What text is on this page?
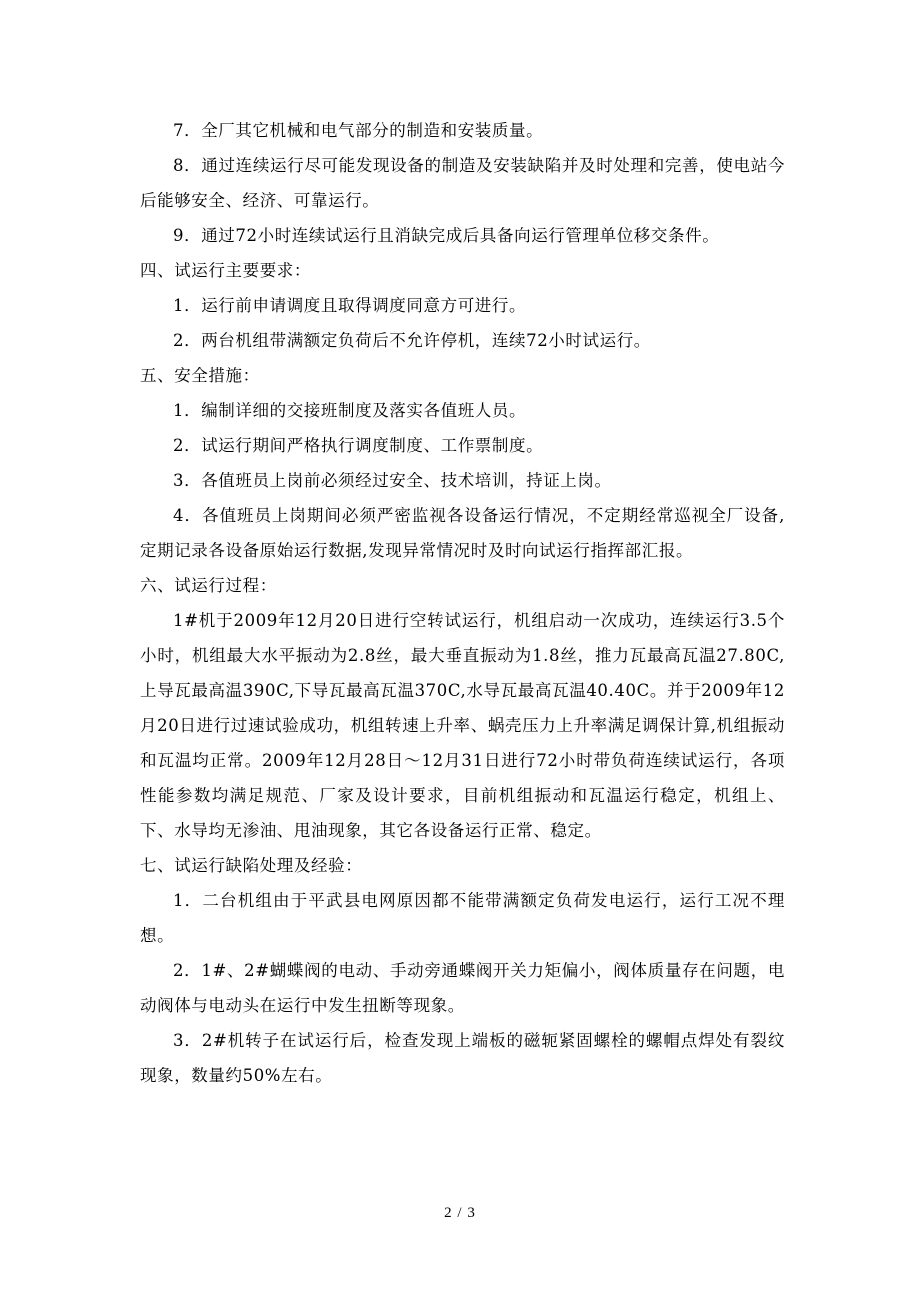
7．全厂其它机械和电气部分的制造和安装质量。

8．通过连续运行尽可能发现设备的制造及安装缺陷并及时处理和完善，使电站今后能够安全、经济、可靠运行。

9．通过72小时连续试运行且消缺完成后具备向运行管理单位移交条件。

四、试运行主要要求：

1．运行前申请调度且取得调度同意方可进行。

2．两台机组带满额定负荷后不允许停机，连续72小时试运行。

五、安全措施：

1．编制详细的交接班制度及落实各值班人员。

2．试运行期间严格执行调度制度、工作票制度。

3．各值班员上岗前必须经过安全、技术培训，持证上岗。

4．各值班员上岗期间必须严密监视各设备运行情况，不定期经常巡视全厂设备,定期记录各设备原始运行数据,发现异常情况时及时向试运行指挥部汇报。

六、试运行过程：

1#机于2009年12月20日进行空转试运行，机组启动一次成功，连续运行3.5个小时，机组最大水平振动为2.8丝，最大垂直振动为1.8丝，推力瓦最高瓦温27.80C,上导瓦最高温390C,下导瓦最高瓦温370C,水导瓦最高瓦温40.40C。并于2009年12月20日进行过速试验成功，机组转速上升率、蜗壳压力上升率满足调保计算,机组振动和瓦温均正常。2009年12月28日～12月31日进行72小时带负荷连续试运行，各项性能参数均满足规范、厂家及设计要求，目前机组振动和瓦温运行稳定，机组上、下、水导均无渗油、甩油现象，其它各设备运行正常、稳定。

七、试运行缺陷处理及经验：

1．二台机组由于平武县电网原因都不能带满额定负荷发电运行，运行工况不理想。

2．1#、2#蝴蝶阀的电动、手动旁通蝶阀开关力矩偏小，阀体质量存在问题，电动阀体与电动头在运行中发生扭断等现象。

3．2#机转子在试运行后，检查发现上端板的磁轭紧固螺栓的螺帽点焊处有裂纹现象，数量约50%左右。

2 / 3
